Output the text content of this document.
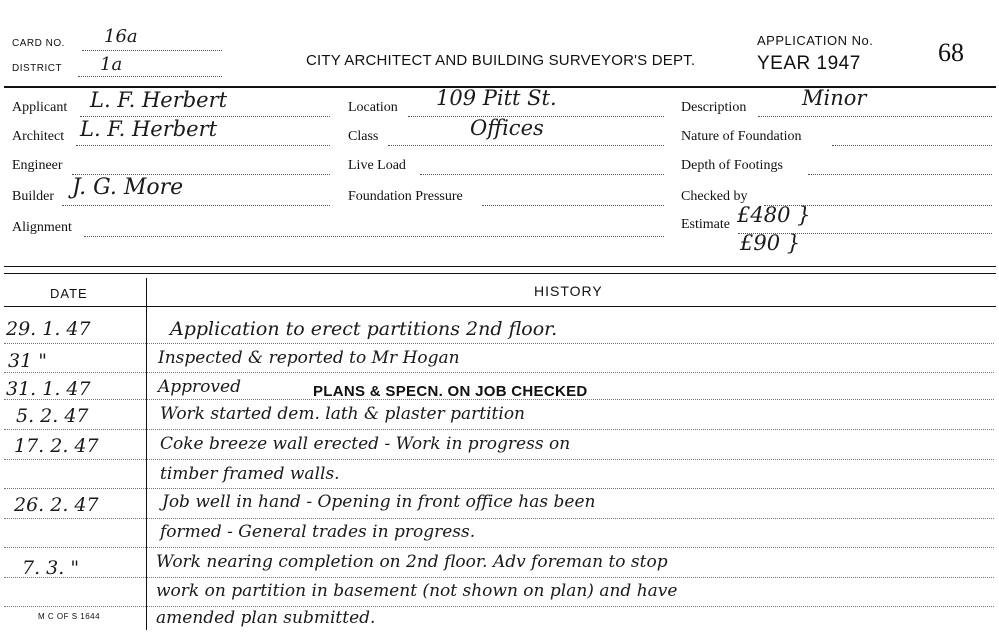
CARD NO. 16a
DISTRICT 1a	CITY ARCHITECT AND BUILDING SURVEYOR'S DEPT.
APPLICATION No.
YEAR 1947	68
Applicant L. F. Herbert
Architect L. F. Herbert
Engineer
Builder J. G. More
Alignment
Location 109 Pitt St.
Class	Offices
Live Load
Foundation Pressure
Description	Minor
Nature of Foundation
Depth of Footings
Checked by
Estimate £480 }
£90 }
DATE	HISTORY
29. 1. 47	Application to erect partitions 2nd floor.
31 "	Inspected & reported to Mr Hogan
31. 1. 47	Approved	PLANS & SPECN. ON JOB CHECKED
5. 2. 47	Work started dem. lath & plaster partition
17. 2. 47	Coke breeze wall erected - Work in progress on
timber framed walls.
26. 2. 47	Job well in hand - Opening in front office has been
formed - General trades in progress.
7. 3. "	Work nearing completion on 2nd floor. Adv foreman to stop
work on partition in basement (not shown on plan) and have
amended plan submitted.
M C OF S 1644
